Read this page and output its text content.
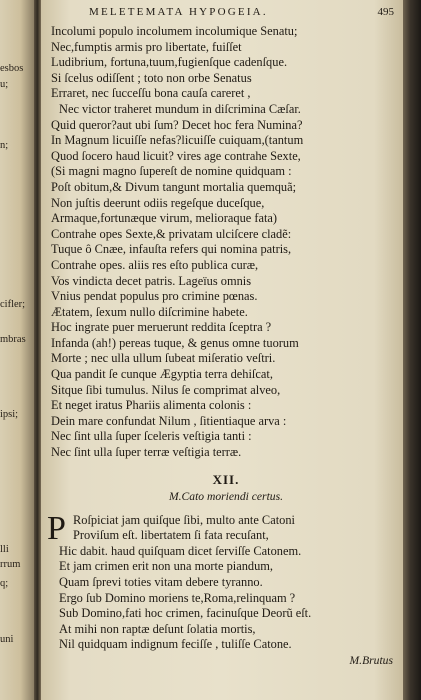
esbos
u;
n;
cifler;
mbras
ipsi;
lli
rrum
q;
uni
MELETEMATA HYPOGEIA.	495
Incolumi populo incolumem incolumique Senatu;
Nec,fumptis armis pro libertate, fuiſſet
Ludibrium, fortuna,tuum,fugienſque cadenſque.
Si ſcelus odiſſent ; toto non orbe Senatus
Erraret, nec ſucceſſu bona cauſa careret ,
Nec victor traheret mundum in diſcrimina Cæſar.
Quid queror?aut ubi ſum? Decet hoc fera Numina?
In Magnum licuiſſe nefas?licuiſſe cuiquam,(tantum
Quod ſocero haud licuit? vires age contrahe Sexte,
(Si magni magno ſupereſt de nomine quidquam :
Poſt obitum,& Divum tangunt mortalia quemquã;
Non juſtis deerunt odiis regeſque duceſque,
Armaque,fortunæque virum, melioraque fata)
Contrahe opes Sexte,& privatam ulciſcere cladẽ:
Tuque ô Cnæe, infauſta refers qui nomina patris,
Contrahe opes. aliis res eſto publica curæ,
Vos vindicta decet patris. Lageïus omnis
Vnius pendat populus pro crimine pœnas.
Ætatem, ſexum nullo diſcrimine habete.
Hoc ingrate puer meruerunt reddita ſceptra ?
Infanda (ah!) pereas tuque, & genus omne tuorum
Morte ; nec ulla ullum ſubeat miſeratio veſtri.
Qua pandit ſe cunque Ægyptia terra dehiſcat,
Sitque ſibi tumulus. Nilus ſe comprimat alveo,
Et neget iratus Phariis alimenta colonis :
Dein mare confundat Nilum , ſitientiaque arva :
Nec ſint ulla ſuper ſceleris veſtigia tanti :
Nec ſint ulla ſuper terræ veſtigia terræ.
XII.
M.Cato moriendi certus.
P Roſpiciat jam quiſque ſibi, multo ante Catoni
Proviſum eſt. libertatem ſi fata recuſant,
Hic dabit. haud quiſquam dicet ſerviſſe Catonem.
Et jam crimen erit non una morte piandum,
Quam ſprevi toties vitam debere tyranno.
Ergo ſub Domino moriens te,Roma,relinquam ?
Sub Domino,fati hoc crimen, facinuſque Deorũ eſt.
At mihi non raptæ deſunt ſolatia mortis,
Nil quidquam indignum feciſſe , tuliſſe Catone.
M.Brutus
